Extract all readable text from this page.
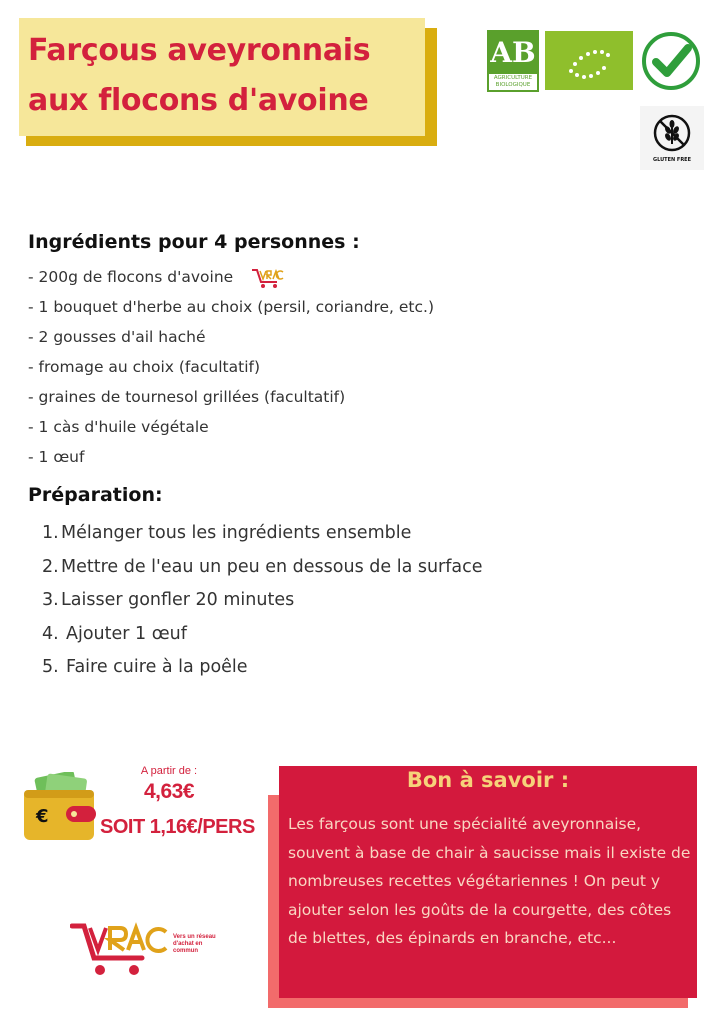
Farçous aveyronnais
aux flocons d'avoine
AB
AGRICULTURE
BIOLOGIQUE
GLUTEN FREE
Ingrédients pour 4 personnes :
- 200g de flocons d'avoine
- 1 bouquet d'herbe au choix (persil, coriandre, etc.)
- 2 gousses d'ail haché
- fromage au choix (facultatif)
- graines de tournesol grillées (facultatif)
- 1 càs d'huile végétale
- 1 œuf
Préparation:
1. Mélanger tous les ingrédients ensemble
2. Mettre de l'eau un peu en dessous de la surface
3. Laisser gonfler 20 minutes
4. Ajouter 1 œuf
5. Faire cuire à la poêle
€
A partir de :
4,63€
SOIT 1,16€/PERS
Vers un réseau d'achat en commun
Bon à savoir :
Les farçous sont une spécialité aveyronnaise, souvent à base de chair à saucisse mais il existe de nombreuses recettes végétariennes ! On peut y ajouter selon les goûts de la courgette, des côtes de blettes, des épinards en branche, etc...
